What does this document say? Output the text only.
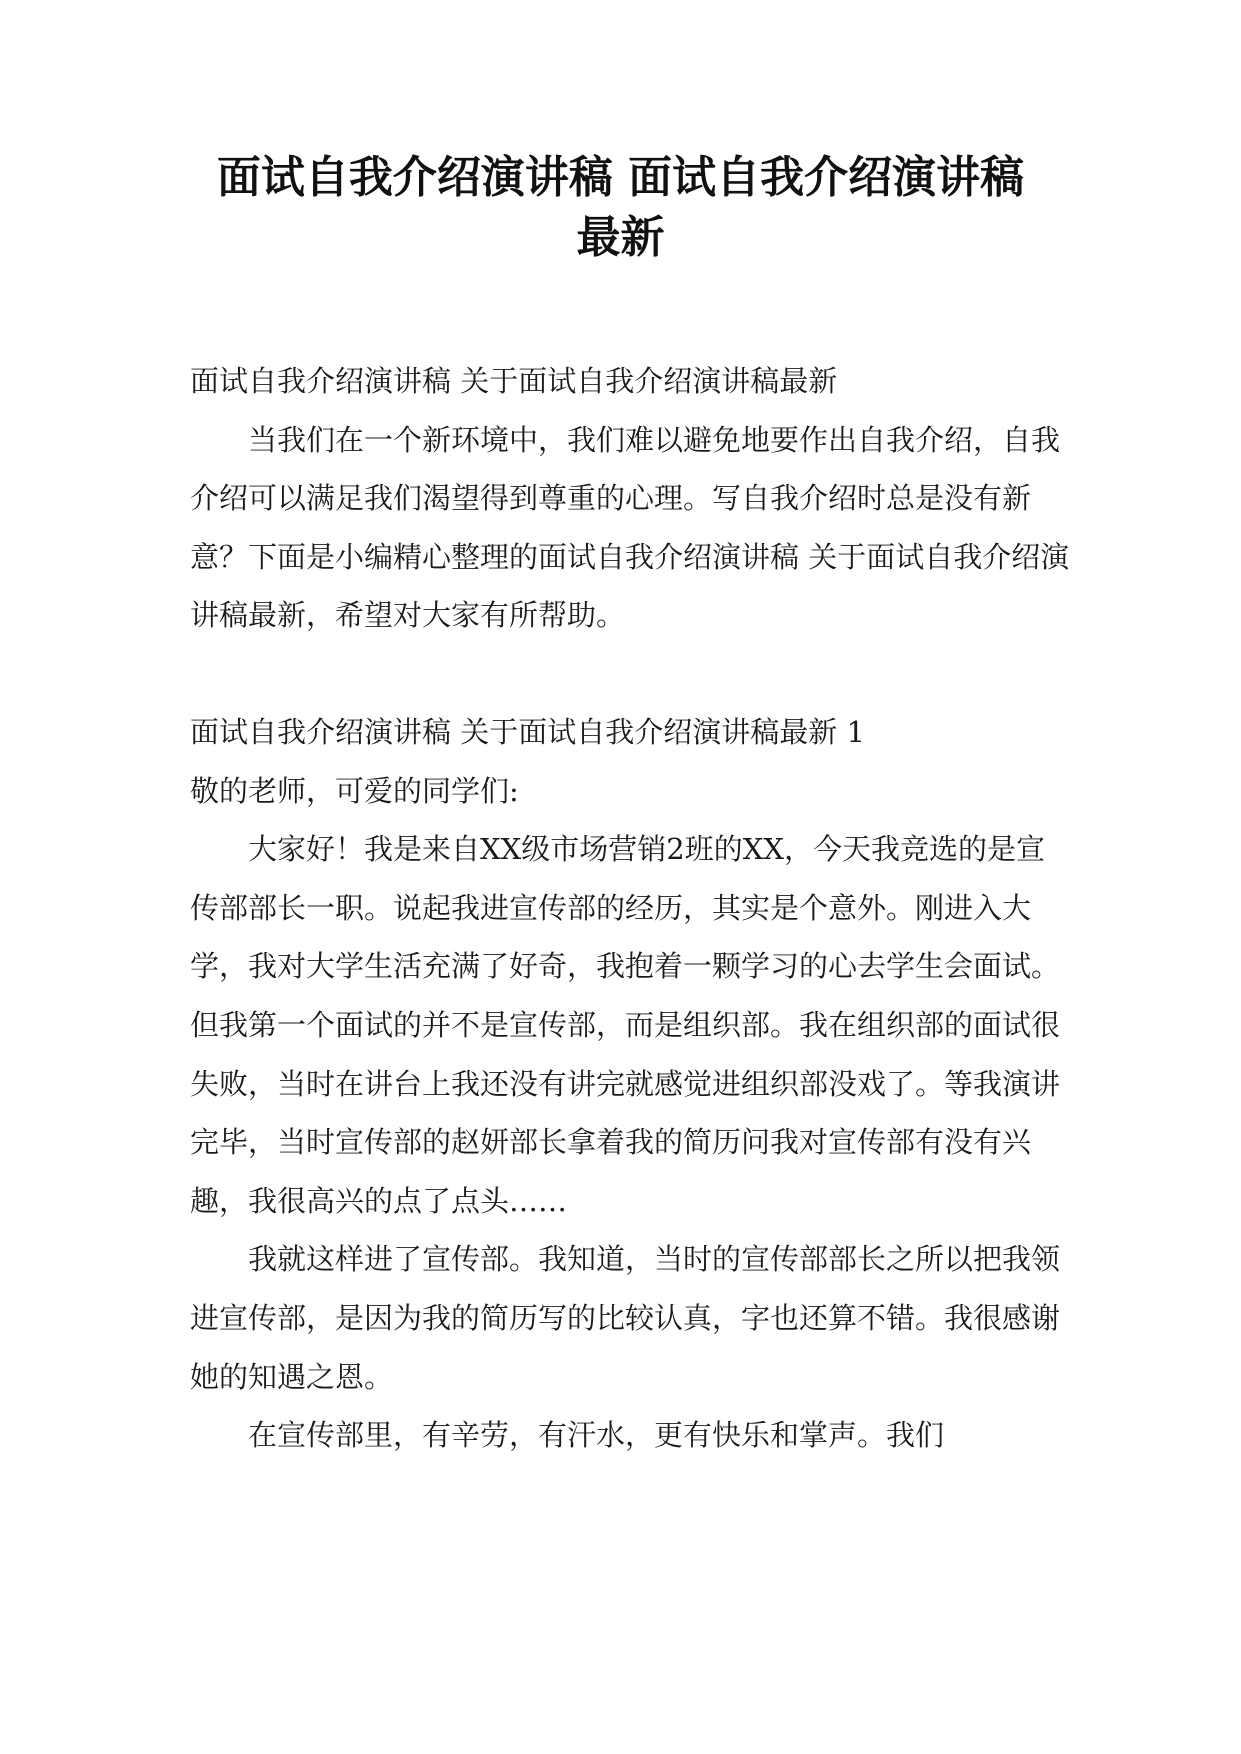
面试自我介绍演讲稿 面试自我介绍演讲稿
最新

面试自我介绍演讲稿 关于面试自我介绍演讲稿最新

当我们在一个新环境中，我们难以避免地要作出自我介绍，自我介绍可以满足我们渴望得到尊重的心理。写自我介绍时总是没有新意？下面是小编精心整理的面试自我介绍演讲稿 关于面试自我介绍演讲稿最新，希望对大家有所帮助。

面试自我介绍演讲稿 关于面试自我介绍演讲稿最新 1

敬的老师，可爱的同学们:

大家好！我是来自XX级市场营销2班的XX，今天我竞选的是宣传部部长一职。说起我进宣传部的经历，其实是个意外。刚进入大学，我对大学生活充满了好奇，我抱着一颗学习的心去学生会面试。但我第一个面试的并不是宣传部，而是组织部。我在组织部的面试很失败，当时在讲台上我还没有讲完就感觉进组织部没戏了。等我演讲完毕，当时宣传部的赵妍部长拿着我的简历问我对宣传部有没有兴趣，我很高兴的点了点头……

我就这样进了宣传部。我知道，当时的宣传部部长之所以把我领进宣传部，是因为我的简历写的比较认真，字也还算不错。我很感谢她的知遇之恩。

在宣传部里，有辛劳，有汗水，更有快乐和掌声。我们
